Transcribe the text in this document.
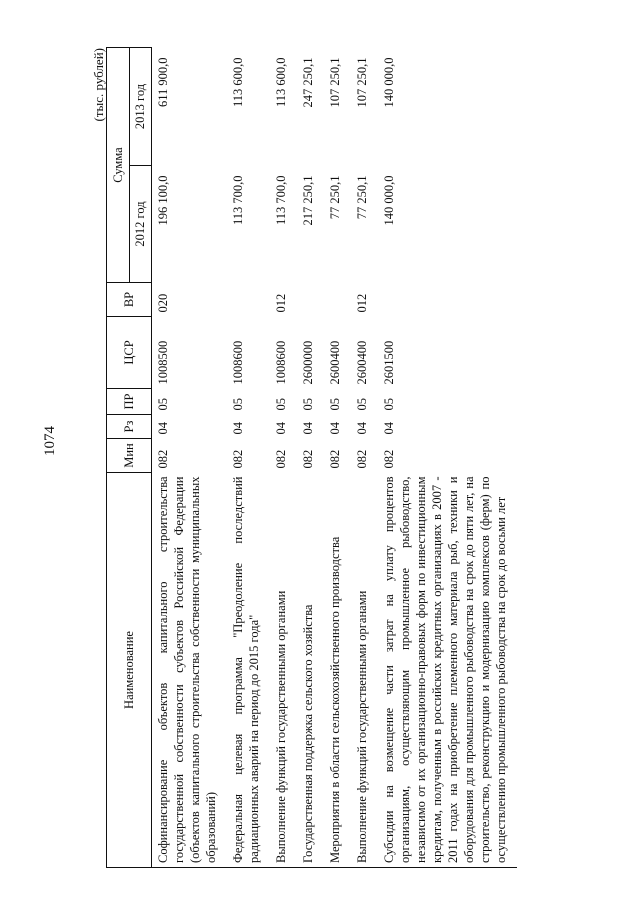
1074
(тыс. рублей)
Наименование	Мин	Рз	ПР	ЦСР	ВР	Сумма	
						2012 год	2013 год
Софинансирование объектов капитального строительства государственной собственности субъектов Российской Федерации (объектов капитального строительства собственности муниципальных образований)	082	04	05	1008500	020	196 100,0	611 900,0
Федеральная целевая программа "Преодоление последствий радиационных аварий на период до 2015 года"	082	04	05	1008600		113 700,0	113 600,0
Выполнение функций государственными органами	082	04	05	1008600	012	113 700,0	113 600,0
Государственная поддержка сельского хозяйства	082	04	05	2600000		217 250,1	247 250,1
Мероприятия в области сельскохозяйственного производства	082	04	05	2600400		77 250,1	107 250,1
Выполнение функций государственными органами	082	04	05	2600400	012	77 250,1	107 250,1
Субсидии на возмещение части затрат на уплату процентов организациям, осуществляющим промышленное рыбоводство, независимо от их организационно-правовых форм по инвестиционным кредитам, полученным в российских кредитных организациях в 2007 - 2011 годах на приобретение племенного материала рыб, техники и оборудования для промышленного рыбоводства на срок до пяти лет, на строительство, реконструкцию и модернизацию комплексов (ферм) по осуществлению промышленного рыбоводства на срок до восьми лет	082	04	05	2601500		140 000,0	140 000,0
